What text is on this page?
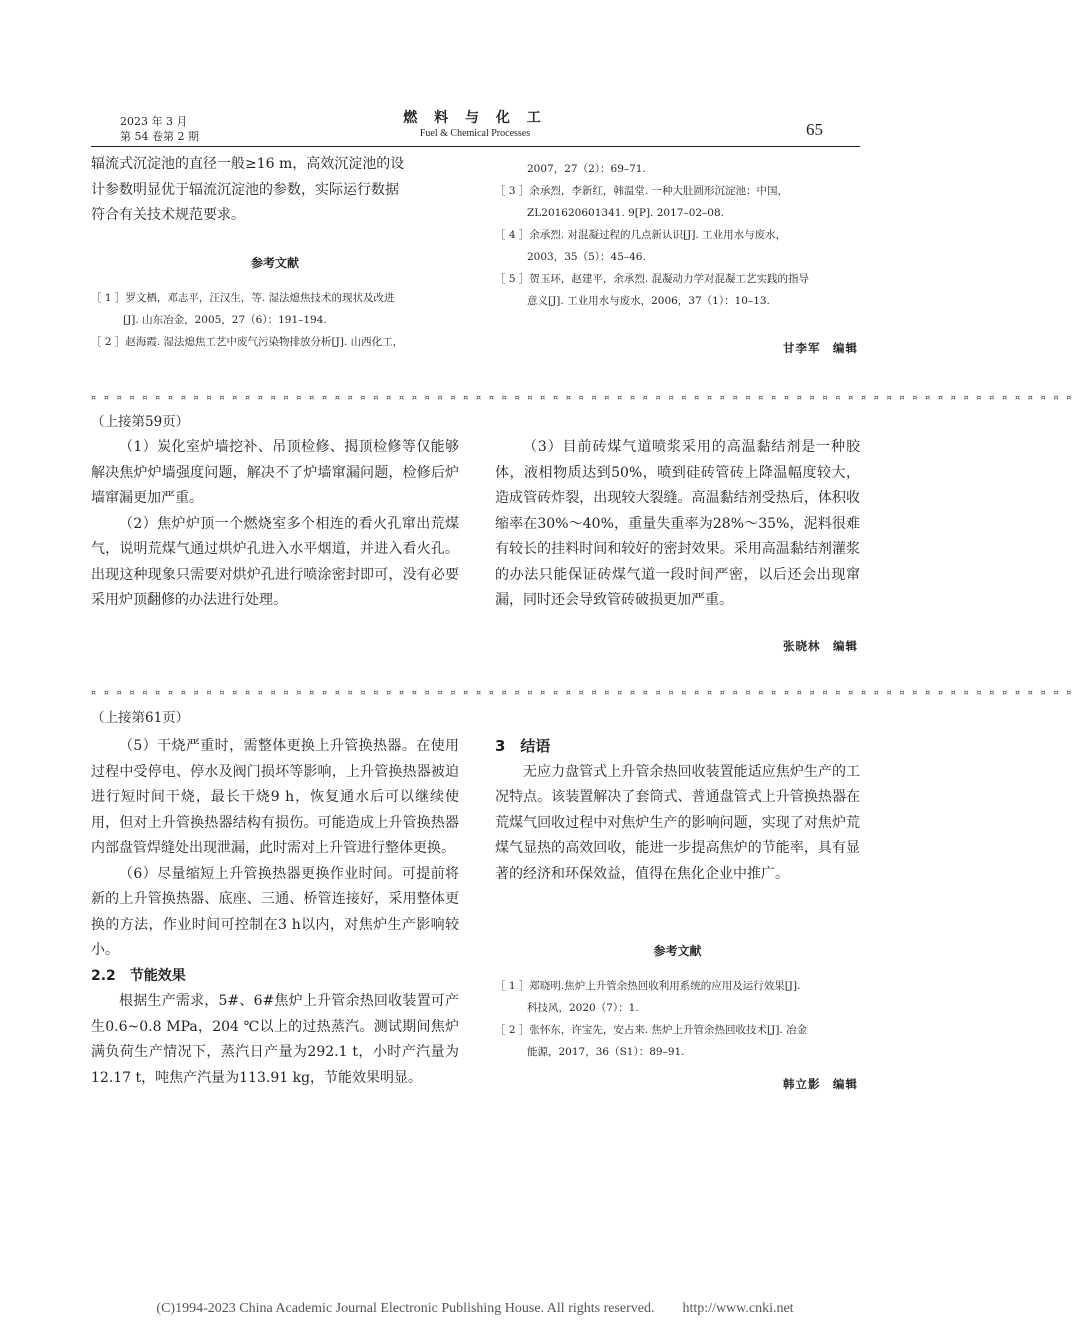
2023 年 3 月
第 54 卷第 2 期
燃 料 与 化 工
Fuel & Chemical Processes	65

辐流式沉淀池的直径一般≥16 m，高效沉淀池的设

计参数明显优于辐流沉淀池的参数，实际运行数据

符合有关技术规范要求。

参考文献
［ 1 ］罗文栖，邓志平，汪汉生，等. 湿法熄焦技术的现状及改进
[J]. 山东冶金，2005，27（6）：191–194.
［ 2 ］赵海霞. 湿法熄焦工艺中废气污染物排放分析[J]. 山西化工，
2007，27（2）：69–71.
［ 3 ］余承烈，李新红，韩温堂. 一种大肚圆形沉淀池：中国，
ZL201620601341. 9[P]. 2017–02–08.
［ 4 ］余承烈. 对混凝过程的几点新认识[J]. 工业用水与废水，
2003，35（5）：45–46.
［ 5 ］贺玉环，赵建平，余承烈. 混凝动力学对混凝工艺实践的指导
意义[J]. 工业用水与废水，2006，37（1）：10–13.
甘李军　编辑
¤ ¤ ¤ ¤ ¤ ¤ ¤ ¤ ¤ ¤ ¤ ¤ ¤ ¤ ¤ ¤ ¤ ¤ ¤ ¤ ¤ ¤ ¤ ¤ ¤ ¤ ¤ ¤ ¤ ¤ ¤ ¤ ¤ ¤ ¤ ¤ ¤ ¤ ¤ ¤ ¤ ¤ ¤ ¤ ¤ ¤ ¤ ¤ ¤ ¤ ¤ ¤ ¤ ¤ ¤ ¤ ¤ ¤ ¤ ¤ ¤ ¤ ¤ ¤ ¤ ¤ ¤ ¤ ¤ ¤ ¤ ¤ ¤ ¤ ¤ ¤ ¤
（上接第59页）

（1）炭化室炉墙挖补、吊顶检修、揭顶检修等仅能够解决焦炉炉墙强度问题，解决不了炉墙窜漏问题，检修后炉墙窜漏更加严重。

（2）焦炉炉顶一个燃烧室多个相连的看火孔窜出荒煤气，说明荒煤气通过烘炉孔进入水平烟道，并进入看火孔。出现这种现象只需要对烘炉孔进行喷涂密封即可，没有必要采用炉顶翻修的办法进行处理。

（3）目前砖煤气道喷浆采用的高温黏结剂是一种胶体，液相物质达到50%，喷到硅砖管砖上降温幅度较大，造成管砖炸裂，出现较大裂缝。高温黏结剂受热后，体积收缩率在30%～40%，重量失重率为28%～35%，泥料很难有较长的挂料时间和较好的密封效果。采用高温黏结剂灌浆的办法只能保证砖煤气道一段时间严密，以后还会出现窜漏，同时还会导致管砖破损更加严重。

张晓林　编辑
¤ ¤ ¤ ¤ ¤ ¤ ¤ ¤ ¤ ¤ ¤ ¤ ¤ ¤ ¤ ¤ ¤ ¤ ¤ ¤ ¤ ¤ ¤ ¤ ¤ ¤ ¤ ¤ ¤ ¤ ¤ ¤ ¤ ¤ ¤ ¤ ¤ ¤ ¤ ¤ ¤ ¤ ¤ ¤ ¤ ¤ ¤ ¤ ¤ ¤ ¤ ¤ ¤ ¤ ¤ ¤ ¤ ¤ ¤ ¤ ¤ ¤ ¤ ¤ ¤ ¤ ¤ ¤ ¤ ¤ ¤ ¤ ¤ ¤ ¤ ¤ ¤
（上接第61页）

（5）干烧严重时，需整体更换上升管换热器。在使用过程中受停电、停水及阀门损坏等影响，上升管换热器被迫进行短时间干烧，最长干烧9 h，恢复通水后可以继续使用，但对上升管换热器结构有损伤。可能造成上升管换热器内部盘管焊缝处出现泄漏，此时需对上升管进行整体更换。

（6）尽量缩短上升管换热器更换作业时间。可提前将新的上升管换热器、底座、三通、桥管连接好，采用整体更换的方法，作业时间可控制在3 h以内，对焦炉生产影响较小。

2.2　节能效果

根据生产需求，5#、6#焦炉上升管余热回收装置可产生0.6~0.8 MPa，204 ℃以上的过热蒸汽。测试期间焦炉满负荷生产情况下，蒸汽日产量为292.1 t，小时产汽量为12.17 t，吨焦产汽量为113.91 kg，节能效果明显。

3　结语

无应力盘管式上升管余热回收装置能适应焦炉生产的工况特点。该装置解决了套筒式、普通盘管式上升管换热器在荒煤气回收过程中对焦炉生产的影响问题，实现了对焦炉荒煤气显热的高效回收，能进一步提高焦炉的节能率，具有显著的经济和环保效益，值得在焦化企业中推广。

参考文献
［ 1 ］郑晓明.焦炉上升管余热回收利用系统的应用及运行效果[J].
科技风，2020（7）：1.
［ 2 ］张怀东，许宝先，安占来. 焦炉上升管余热回收技术[J]. 冶金
能源，2017，36（S1）：89–91.
韩立影　编辑
(C)1994-2023 China Academic Journal Electronic Publishing House. All rights reserved.　　http://www.cnki.net
